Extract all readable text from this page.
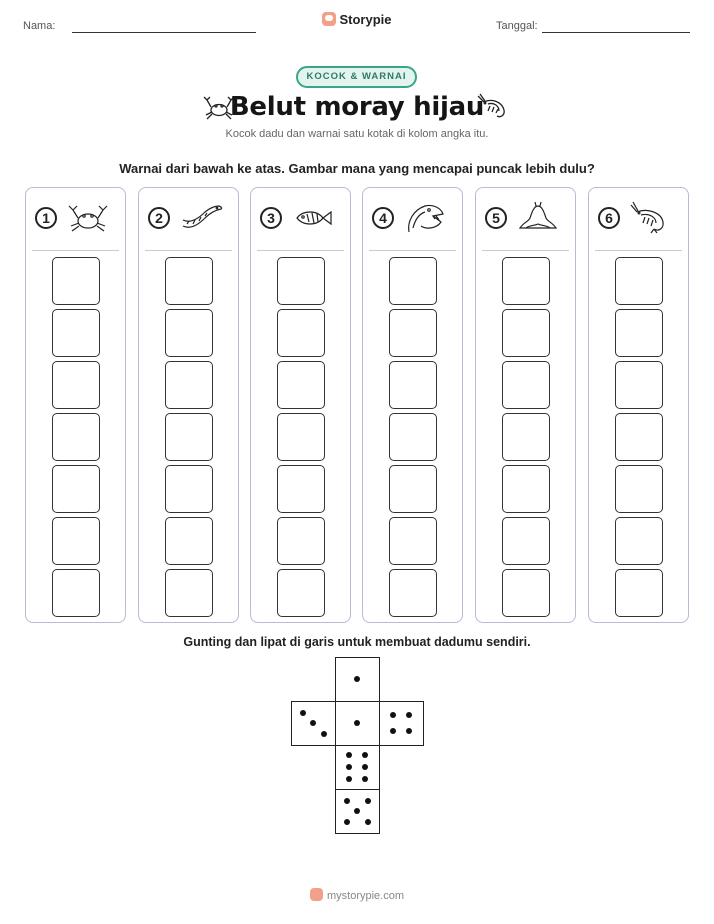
Nama:	Storypie	Tanggal:
KOCOK & WARNAI
Belut moray hijau
Kocok dadu dan warnai satu kotak di kolom angka itu.
Warnai dari bawah ke atas. Gambar mana yang mencapai puncak lebih dulu?
1	2	3	4	5	6
Gunting dan lipat di garis untuk membuat dadumu sendiri.
mystorypie.com
